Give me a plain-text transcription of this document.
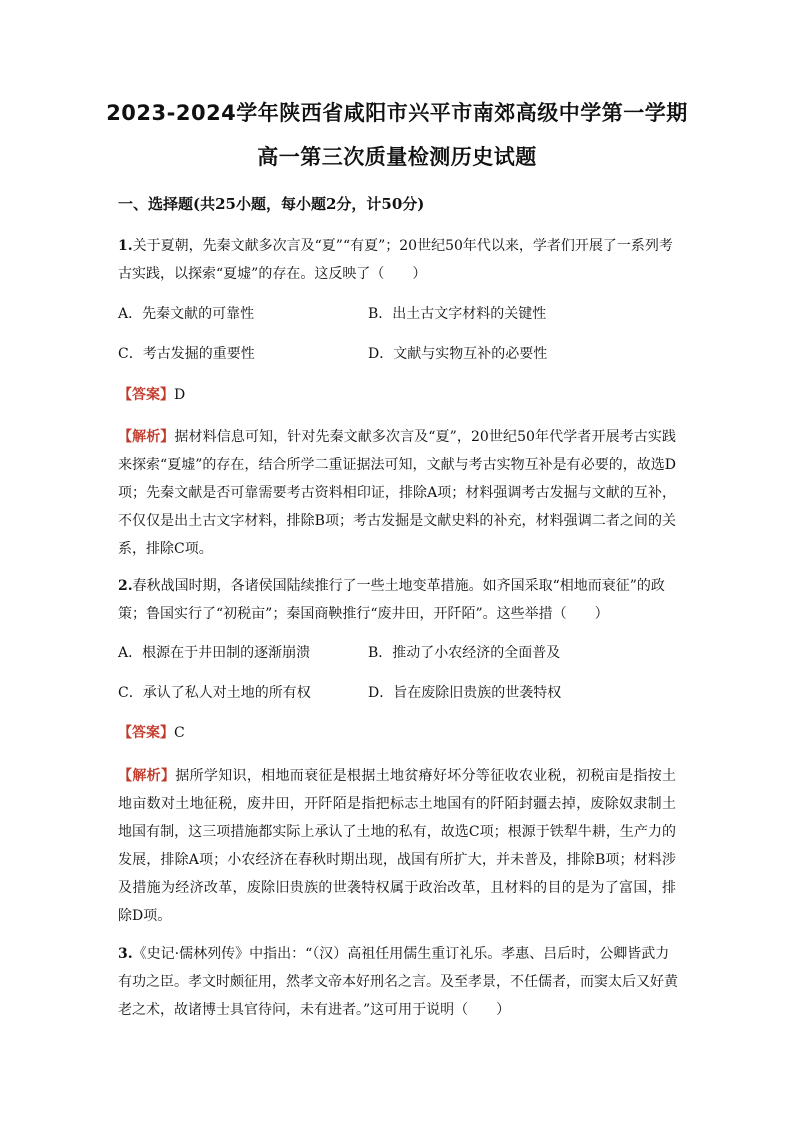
2023-2024学年陕西省咸阳市兴平市南郊高级中学第一学期
高一第三次质量检测历史试题
一、选择题(共25小题，每小题2分，计50分)
1.关于夏朝，先秦文献多次言及“夏”“有夏”；20世纪50年代以来，学者们开展了一系列考古实践，以探索“夏墟”的存在。这反映了（　　）
A．先秦文献的可靠性	B．出土古文字材料的关键性
C．考古发掘的重要性	D．文献与实物互补的必要性
【答案】D
【解析】据材料信息可知，针对先秦文献多次言及“夏”，20世纪50年代学者开展考古实践来探索“夏墟”的存在，结合所学二重证据法可知，文献与考古实物互补是有必要的，故选D项；先秦文献是否可靠需要考古资料相印证，排除A项；材料强调考古发掘与文献的互补，不仅仅是出土古文字材料，排除B项；考古发掘是文献史料的补充，材料强调二者之间的关系，排除C项。
2.春秋战国时期，各诸侯国陆续推行了一些土地变革措施。如齐国采取“相地而衰征”的政策；鲁国实行了“初税亩”；秦国商鞅推行“废井田，开阡陌”。这些举措（　　）
A．根源在于井田制的逐渐崩溃	B．推动了小农经济的全面普及
C．承认了私人对土地的所有权	D．旨在废除旧贵族的世袭特权
【答案】C
【解析】据所学知识，相地而衰征是根据土地贫瘠好坏分等征收农业税，初税亩是指按土地亩数对土地征税，废井田，开阡陌是指把标志土地国有的阡陌封疆去掉，废除奴隶制土地国有制，这三项措施都实际上承认了土地的私有，故选C项；根源于铁犁牛耕，生产力的发展，排除A项；小农经济在春秋时期出现，战国有所扩大，并未普及，排除B项；材料涉及措施为经济改革，废除旧贵族的世袭特权属于政治改革，且材料的目的是为了富国，排除D项。
3.《史记·儒林列传》中指出：“（汉）高祖任用儒生重订礼乐。孝惠、吕后时，公卿皆武力有功之臣。孝文时颇征用，然孝文帝本好刑名之言。及至孝景，不任儒者，而窦太后又好黄老之术，故诸博士具官待问，未有进者。”这可用于说明（　　）
